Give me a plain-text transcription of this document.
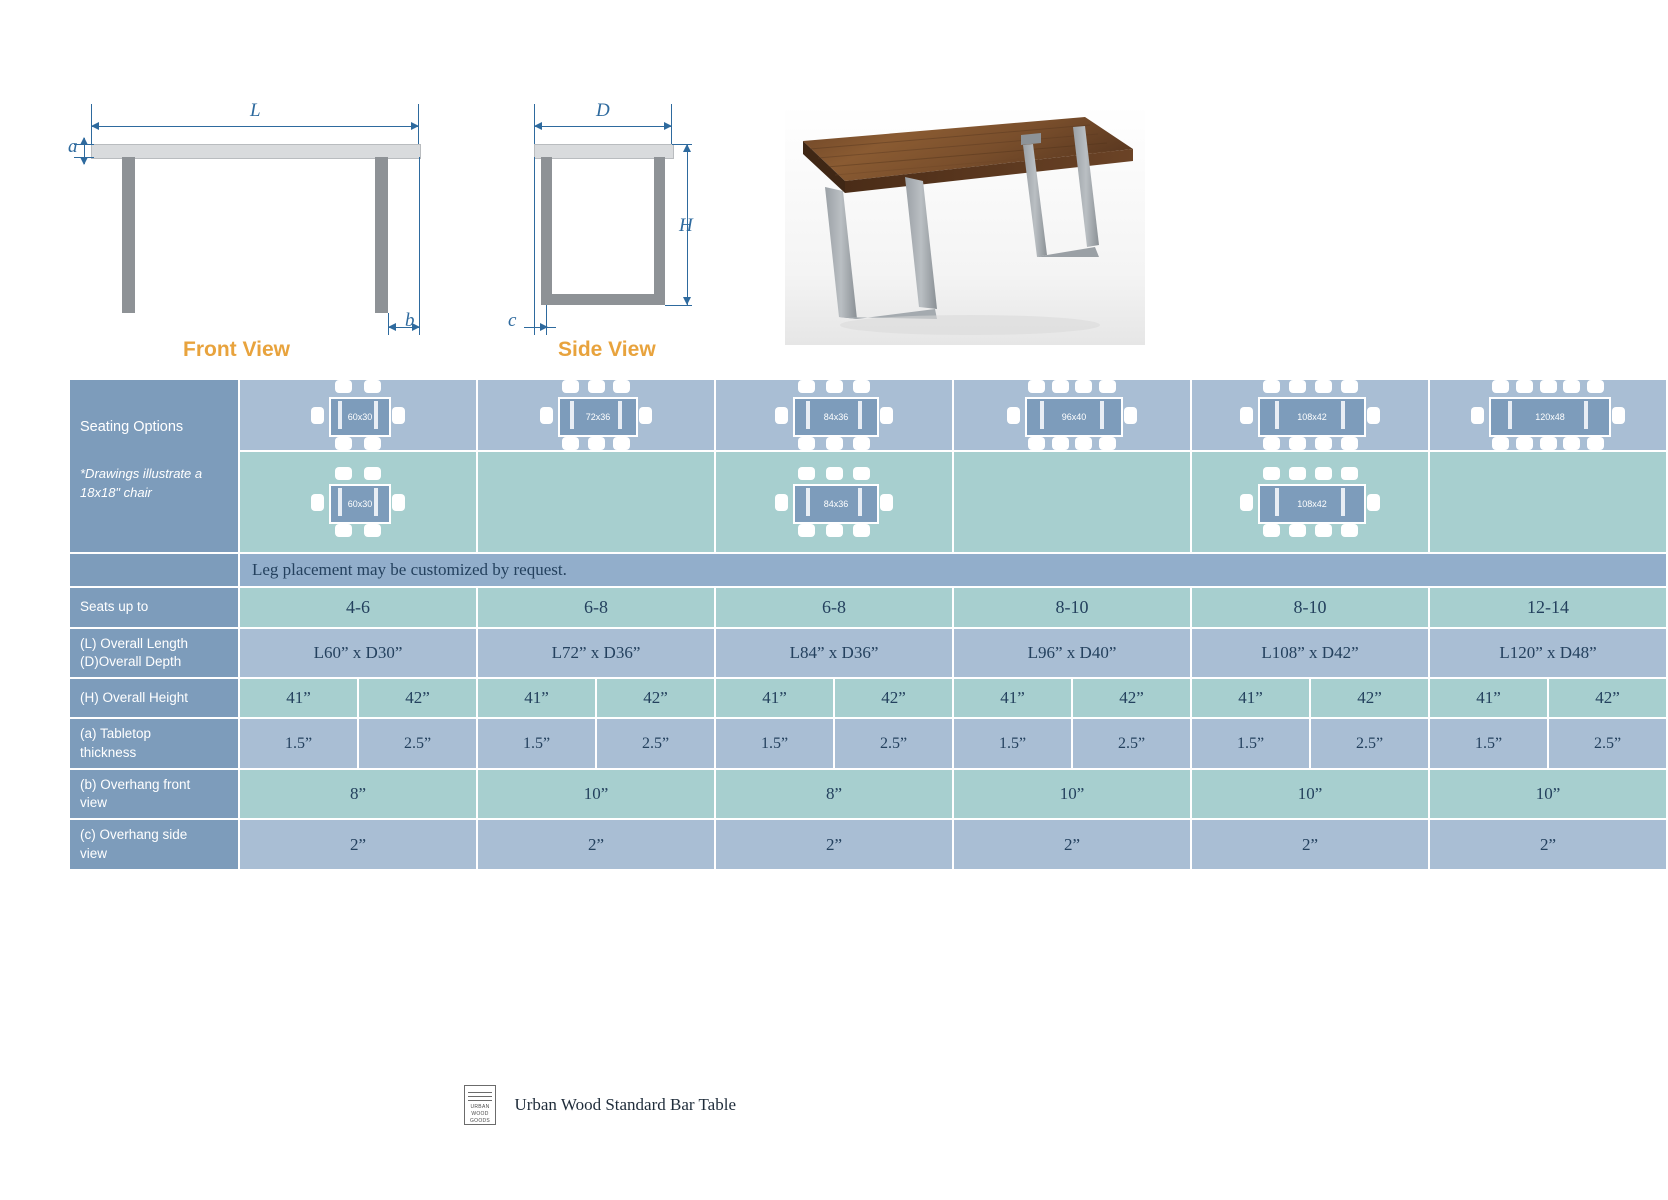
L
a
b
Front View
D
H
c
Side View
Seating Options
*Drawings illustrate a 18x18" chair	60x30		72x36		84x36		96x40		108x42		120x48	

	60x30				84x36				108x42			

	Leg placement may be customized by request.											
Seats up to	4-6		6-8		6-8		8-10		8-10		12-14	

(L) Overall Length
(D)Overall Depth	L60” x D30”		L72” x D36”		L84” x D36”		L96” x D40”		L108” x D42”		L120” x D48”	
(H) Overall Height	41”	42”	41”	42”	41”	42”	41”	42”	41”	42”	41”	42”

(a) Tabletop
thickness	1.5”	2.5”	1.5”	2.5”	1.5”	2.5”	1.5”	2.5”	1.5”	2.5”	1.5”	2.5”

(b) Overhang front
view	8”		10”		8”		10”		10”		10”	

(c) Overhang side
view	2”		2”		2”		2”		2”		2”	
URBAN
WOOD
GOODS
Urban Wood Standard Bar Table
